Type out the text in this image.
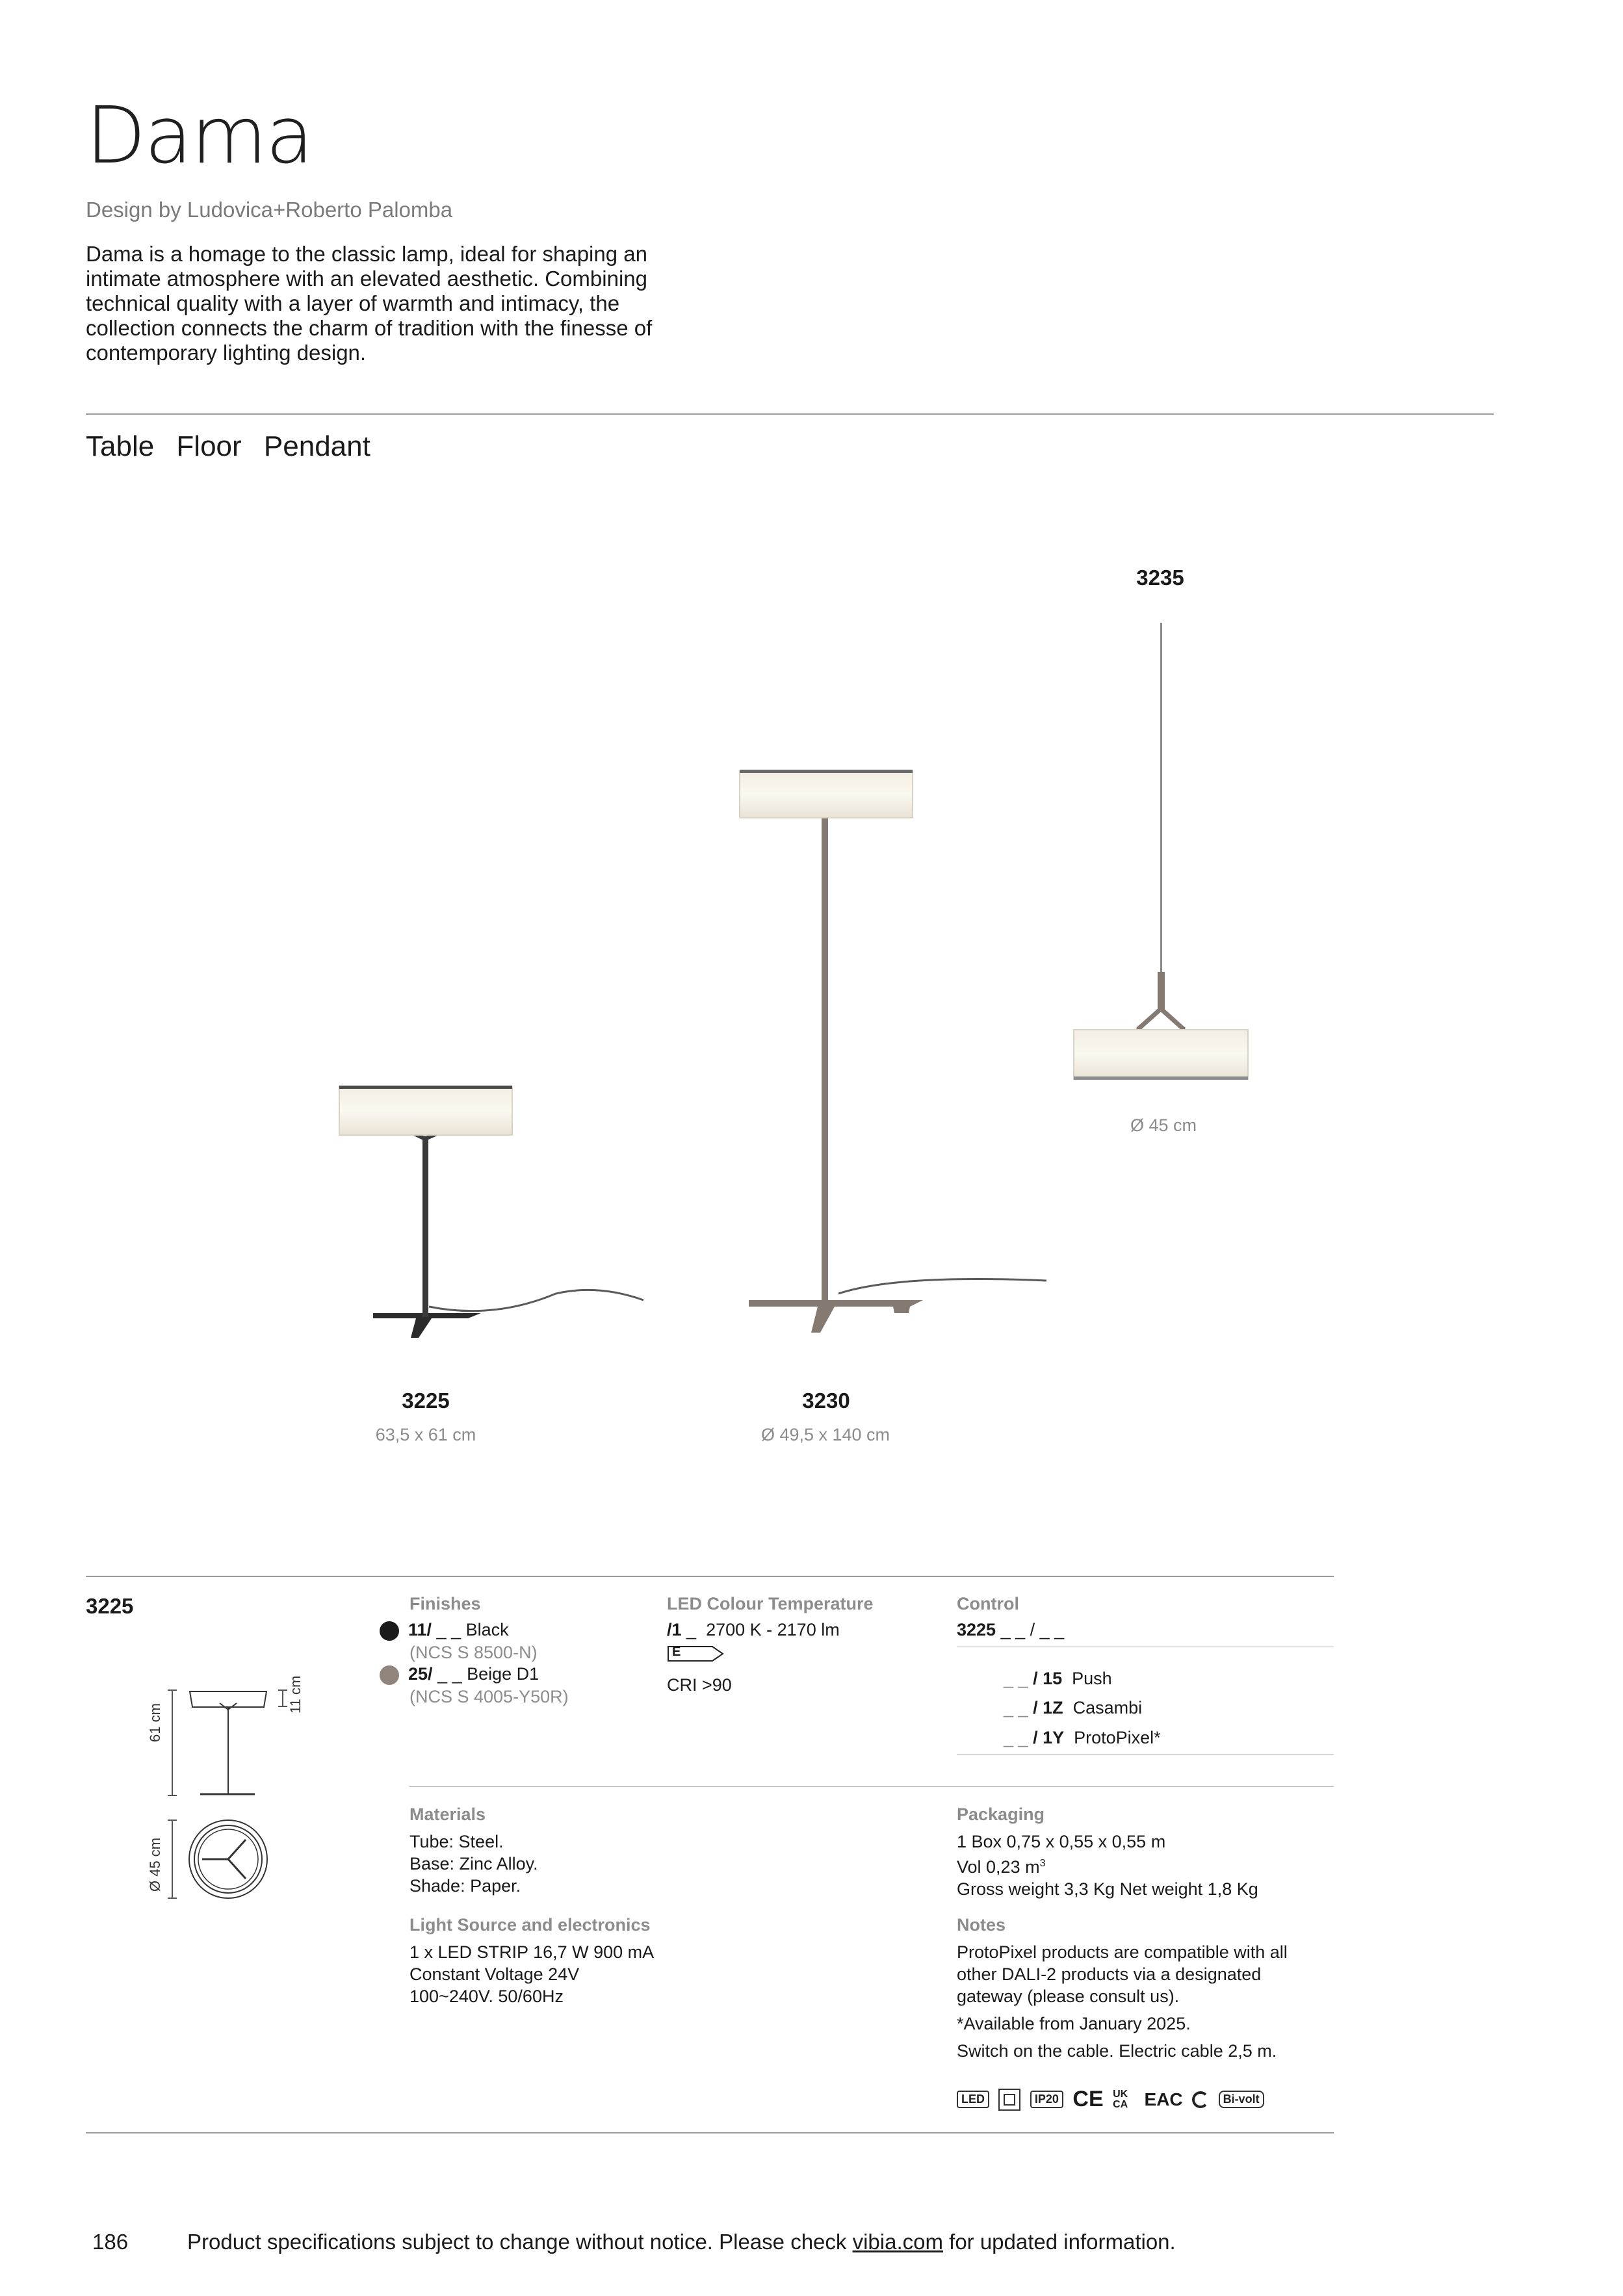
Dama
Design by Ludovica+Roberto Palomba
Dama is a homage to the classic lamp, ideal for shaping an intimate atmosphere with an elevated aesthetic. Combining technical quality with a layer of warmth and intimacy, the collection connects the charm of tradition with the finesse of contemporary lighting design.
Table Floor Pendant
3235
Ø 45 cm
3225
63,5 x 61 cm
3230
Ø 49,5 x 140 cm
3225
61 cm
11 cm
Ø 45 cm
Finishes
11/ _ _ Black
(NCS S 8500-N)
25/ _ _ Beige D1
(NCS S 4005-Y50R)
LED Colour Temperature
/1 _ 2700 K - 2170 lm
E
CRI >90
Control
3225 _ _ / _ _
_ _ / 15 Push
_ _ / 1Z Casambi
_ _ / 1Y ProtoPixel*
Materials
Tube: Steel.
Base: Zinc Alloy.
Shade: Paper.
Light Source and electronics
1 x LED STRIP 16,7 W 900 mA
Constant Voltage 24V
100~240V. 50/60Hz
Packaging
1 Box 0,75 x 0,55 x 0,55 m
Vol 0,23 $m^3$
Gross weight 3,3 Kg Net weight 1,8 Kg
Notes
ProtoPixel products are compatible with all other DALI-2 products via a designated gateway (please consult us).
*Available from January 2025.
Switch on the cable. Electric cable 2,5 m.
LED	IP20 CE UK CA EAC	Bi-volt
186	Product specifications subject to change without notice. Please check vibia.com for updated information.
